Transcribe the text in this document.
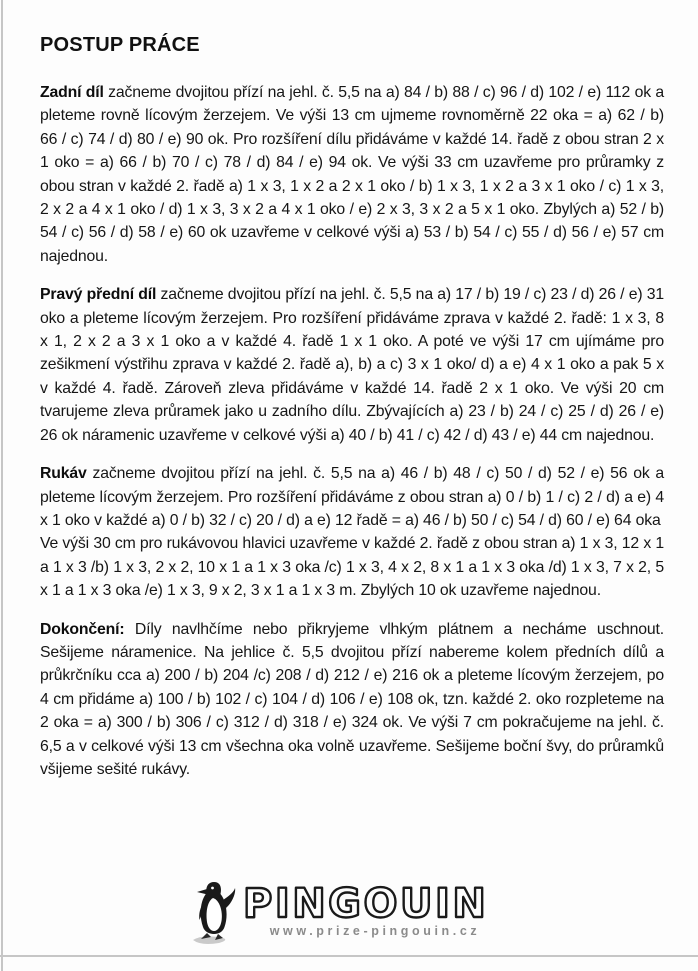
POSTUP PRÁCE

Zadní díl začneme dvojitou přízí na jehl. č. 5,5 na a) 84 / b) 88 / c) 96 / d) 102 / e) 112 ok a pleteme rovně lícovým žerzejem. Ve výši 13 cm ujmeme rovnoměrně 22 oka = a) 62 / b) 66 / c) 74 / d) 80 / e) 90 ok. Pro rozšíření dílu přidáváme v každé 14. řadě z obou stran 2 x 1 oko = a) 66 / b) 70 / c) 78 / d) 84 / e) 94 ok. Ve výši 33 cm uzavřeme pro průramky z obou stran v každé 2. řadě a) 1 x 3, 1 x 2 a 2 x 1 oko / b) 1 x 3, 1 x 2 a 3 x 1 oko / c) 1 x 3, 2 x 2 a 4 x 1 oko / d) 1 x 3, 3 x 2 a 4 x 1 oko / e) 2 x 3, 3 x 2 a 5 x 1 oko. Zbylých a) 52 / b) 54 / c) 56 / d) 58 / e) 60 ok uzavřeme v celkové výši a) 53 / b) 54 / c) 55 / d) 56 / e) 57 cm najednou.

Pravý přední díl začneme dvojitou přízí na jehl. č. 5,5 na a) 17 / b) 19 / c) 23 / d) 26 / e) 31 oko a pleteme lícovým žerzejem. Pro rozšíření přidáváme zprava v každé 2. řadě: 1 x 3, 8 x 1, 2 x 2 a 3 x 1 oko a v každé 4. řadě 1 x 1 oko. A poté ve výši 17 cm ujímáme pro zešikmení výstřihu zprava v každé 2. řadě a), b) a c) 3 x 1 oko/ d) a e) 4 x 1 oko a pak 5 x v každé 4. řadě. Zároveň zleva přidáváme v každé 14. řadě 2 x 1 oko. Ve výši 20 cm tvarujeme zleva průramek jako u zadního dílu. Zbývajících a) 23 / b) 24 / c) 25 / d) 26 / e) 26 ok náramenic uzavřeme v celkové výši a) 40 / b) 41 / c) 42 / d) 43 / e) 44 cm najednou.

Rukáv začneme dvojitou přízí na jehl. č. 5,5 na a) 46 / b) 48 / c) 50 / d) 52 / e) 56 ok a pleteme lícovým žerzejem. Pro rozšíření přidáváme z obou stran a) 0 / b) 1 / c) 2 / d) a e) 4 x 1 oko v každé a) 0 / b) 32 / c) 20 / d) a e) 12 řadě = a) 46 / b) 50 / c) 54 / d) 60 / e) 64 oka
Ve výši 30 cm pro rukávovou hlavici uzavřeme v každé 2. řadě z obou stran a) 1 x 3, 12 x 1 a 1 x 3 /b) 1 x 3, 2 x 2, 10 x 1 a 1 x 3 oka /c) 1 x 3, 4 x 2, 8 x 1 a 1 x 3 oka /d) 1 x 3, 7 x 2, 5 x 1 a 1 x 3 oka /e) 1 x 3, 9 x 2, 3 x 1 a 1 x 3 m. Zbylých 10 ok uzavřeme najednou.

Dokončení: Díly navlhčíme nebo přikryjeme vlhkým plátnem a necháme uschnout. Sešijeme náramenice. Na jehlice č. 5,5 dvojitou přízí nabereme kolem předních dílů a průkrčníku cca a) 200 / b) 204 /c) 208 / d) 212 / e) 216 ok a pleteme lícovým žerzejem, po 4 cm přidáme a) 100 / b) 102 / c) 104 / d) 106 / e) 108 ok, tzn. každé 2. oko rozpleteme na 2 oka = a) 300 / b) 306 / c) 312 / d) 318 / e) 324 ok. Ve výši 7 cm pokračujeme na jehl. č. 6,5 a v celkové výši 13 cm všechna oka volně uzavřeme. Sešijeme boční švy, do průramků všijeme sešité rukávy.

PINGOUIN
www.prize-pingouin.cz
